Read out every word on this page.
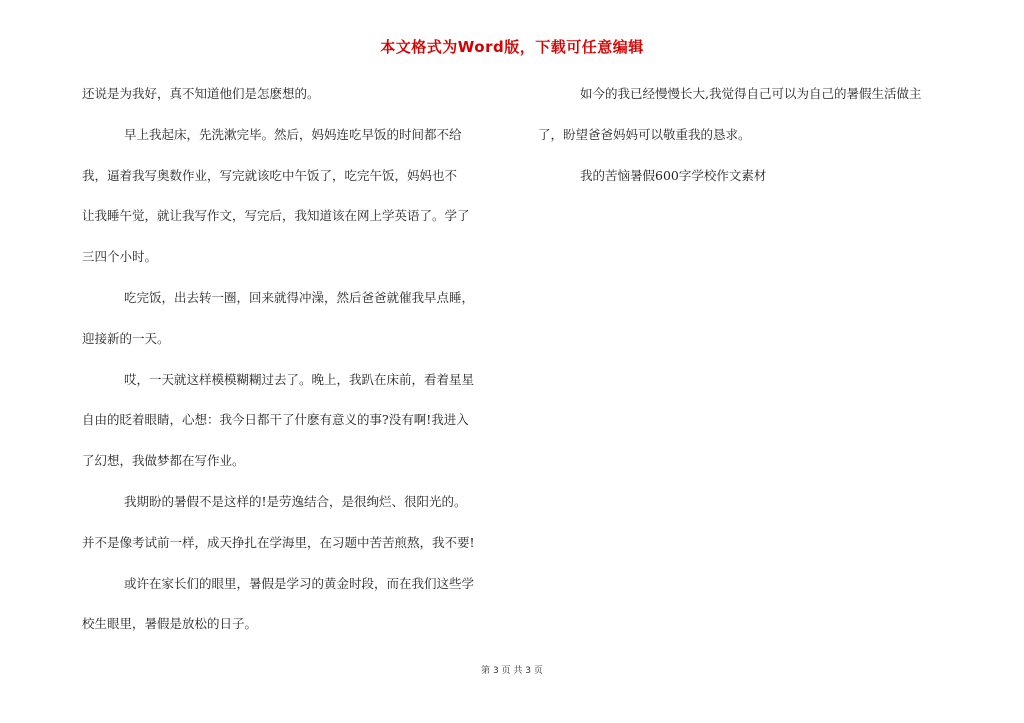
本文格式为Word版，下载可任意编辑
还说是为我好，真不知道他们是怎麽想的。
早上我起床，先洗漱完毕。然后，妈妈连吃早饭的时间都不给
我，逼着我写奥数作业，写完就该吃中午饭了，吃完午饭，妈妈也不
让我睡午觉，就让我写作文，写完后，我知道该在网上学英语了。学了
三四个小时。
吃完饭，出去转一圈，回来就得冲澡，然后爸爸就催我早点睡，
迎接新的一天。
哎，一天就这样模模糊糊过去了。晚上，我趴在床前，看着星星
自由的眨着眼睛，心想：我今日都干了什麽有意义的事?没有啊!我进入
了幻想，我做梦都在写作业。
我期盼的暑假不是这样的!是劳逸结合，是很绚烂、很阳光的。
并不是像考试前一样，成天挣扎在学海里，在习题中苦苦煎熬，我不要!
或许在家长们的眼里，暑假是学习的黄金时段，而在我们这些学
校生眼里，暑假是放松的日子。
如今的我已经慢慢长大,我觉得自己可以为自己的暑假生活做主
了，盼望爸爸妈妈可以敬重我的恳求。
我的苦恼暑假600字学校作文素材
第 3 页 共 3 页
